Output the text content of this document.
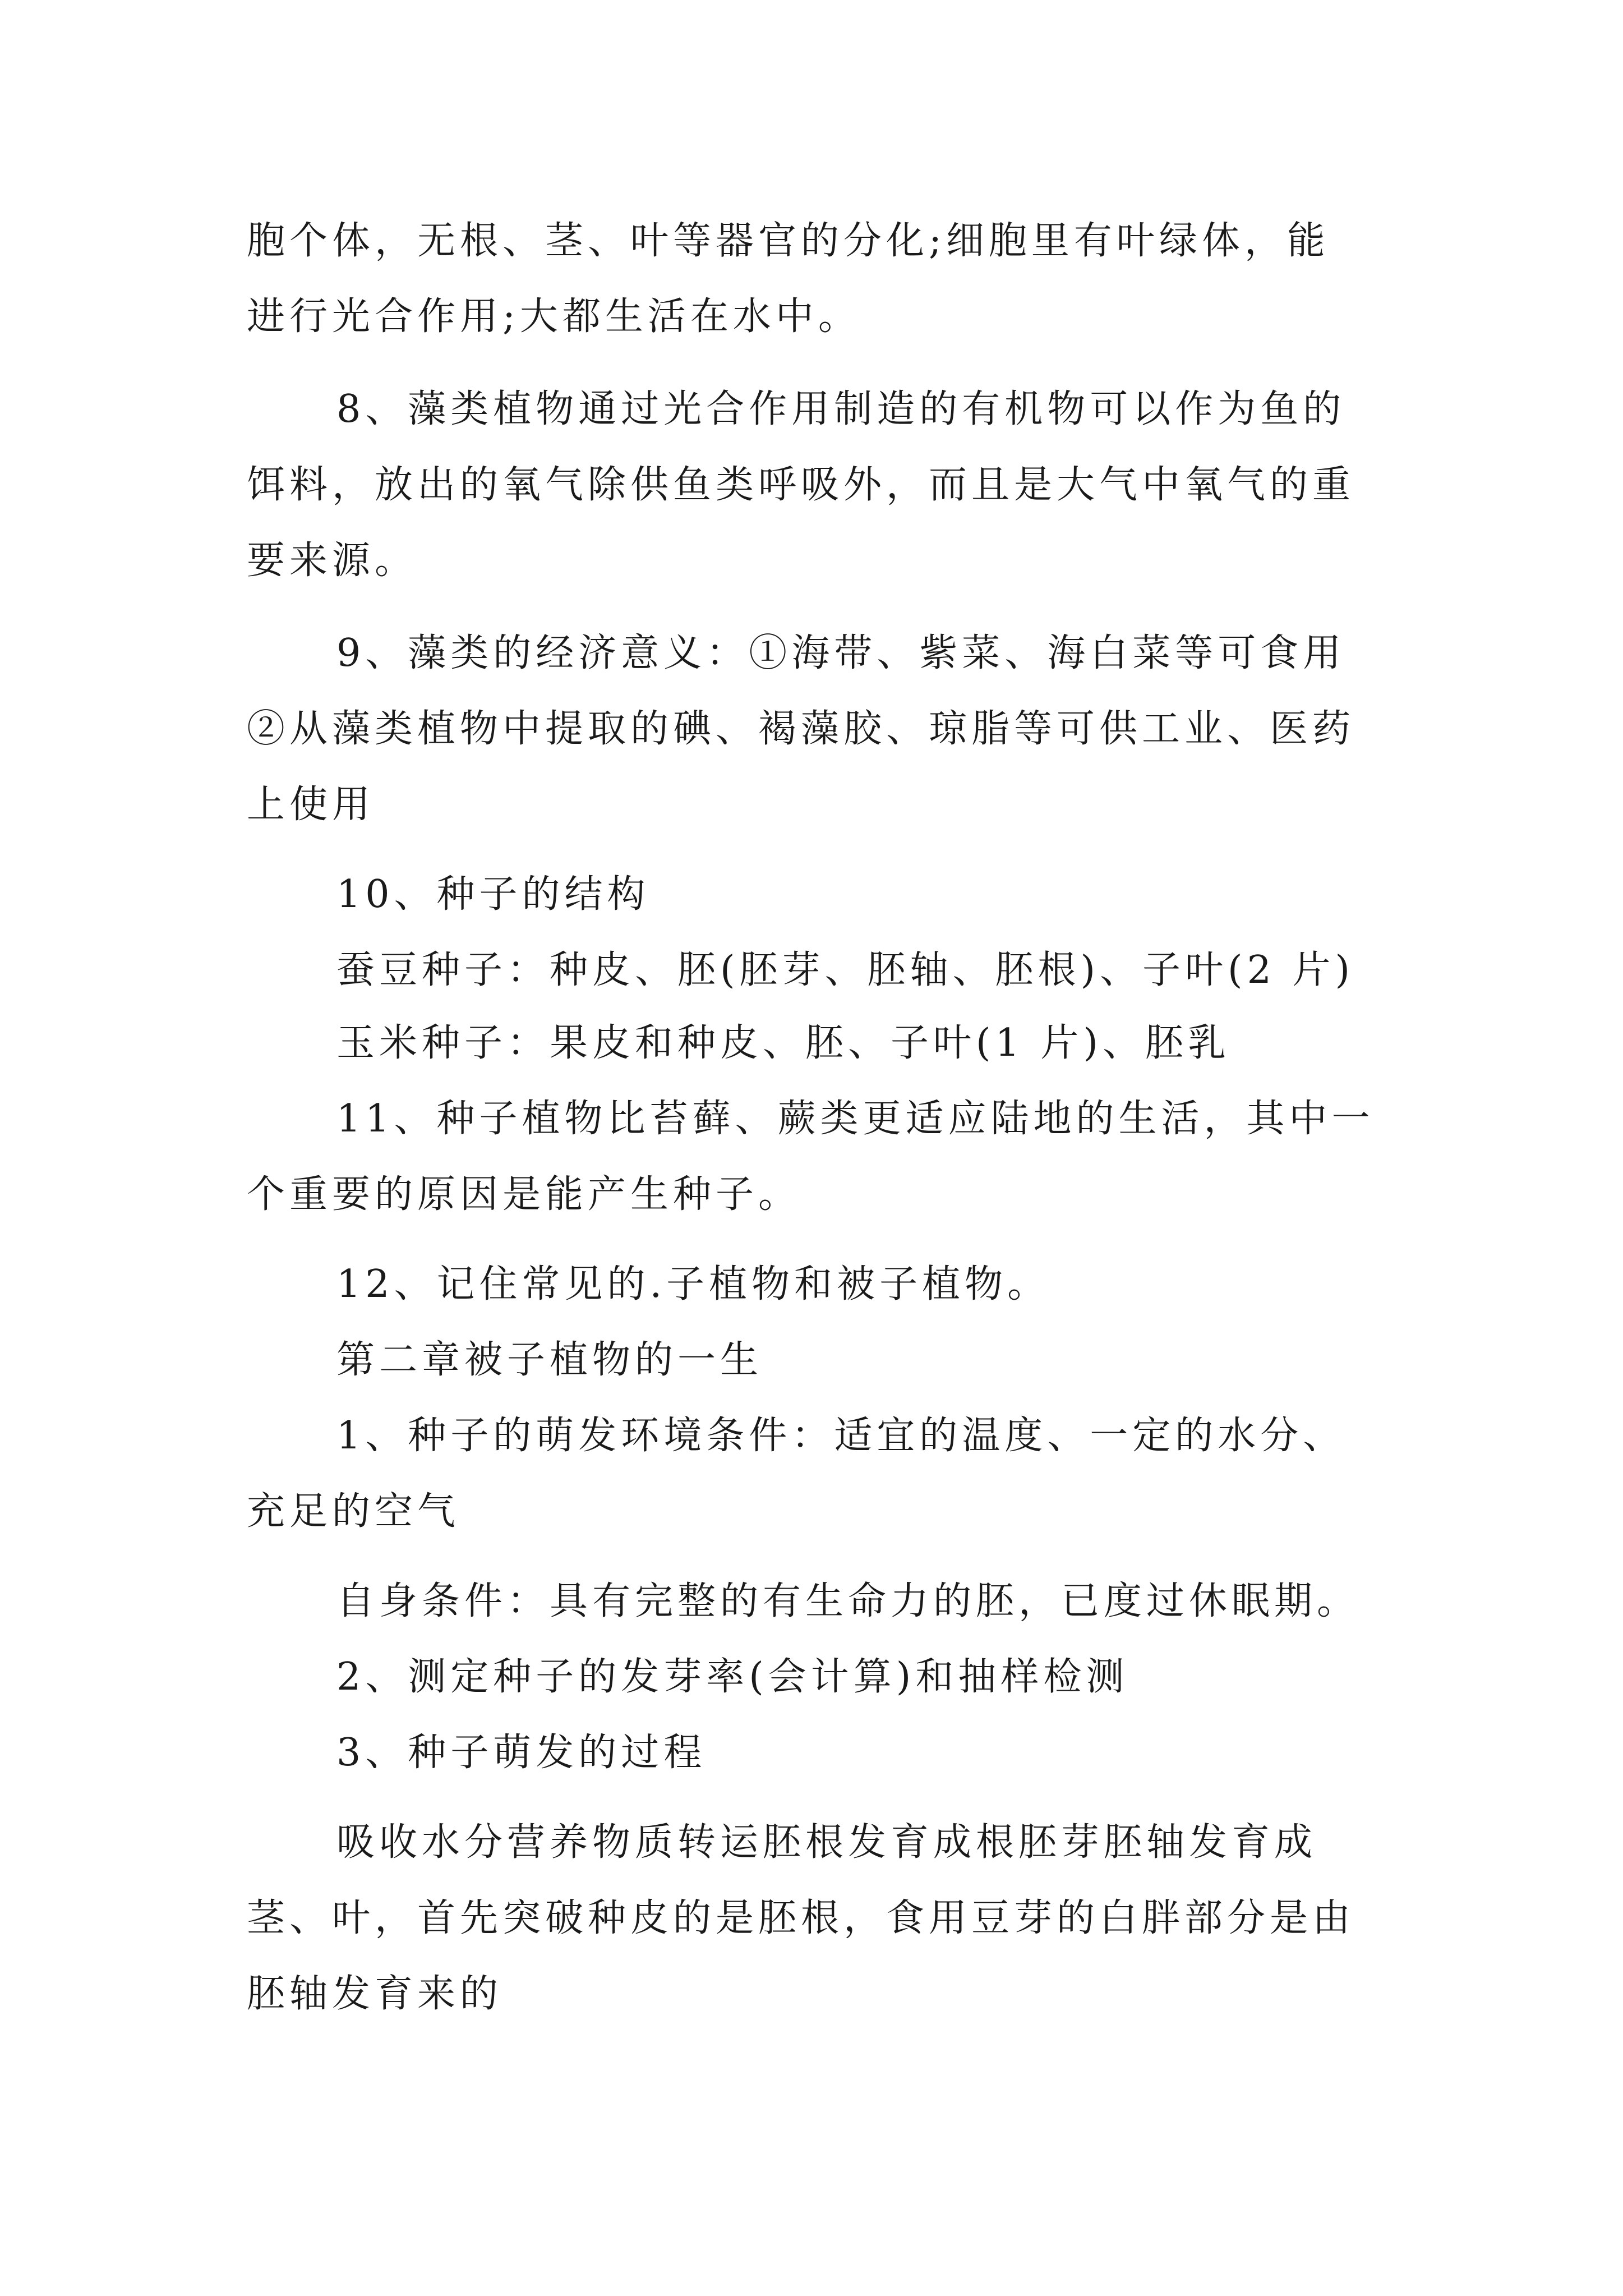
胞个体，无根、茎、叶等器官的分化;细胞里有叶绿体，能
进行光合作用;大都生活在水中。
8、藻类植物通过光合作用制造的有机物可以作为鱼的
饵料，放出的氧气除供鱼类呼吸外，而且是大气中氧气的重
要来源。
9、藻类的经济意义：①海带、紫菜、海白菜等可食用
②从藻类植物中提取的碘、褐藻胶、琼脂等可供工业、医药
上使用
10、种子的结构
蚕豆种子：种皮、胚(胚芽、胚轴、胚根)、子叶(2 片)
玉米种子：果皮和种皮、胚、子叶(1 片)、胚乳
11、种子植物比苔藓、蕨类更适应陆地的生活，其中一
个重要的原因是能产生种子。
12、记住常见的.子植物和被子植物。
第二章被子植物的一生
1、种子的萌发环境条件：适宜的温度、一定的水分、
充足的空气
自身条件：具有完整的有生命力的胚，已度过休眠期。
2、测定种子的发芽率(会计算)和抽样检测
3、种子萌发的过程
吸收水分营养物质转运胚根发育成根胚芽胚轴发育成
茎、叶，首先突破种皮的是胚根，食用豆芽的白胖部分是由
胚轴发育来的
